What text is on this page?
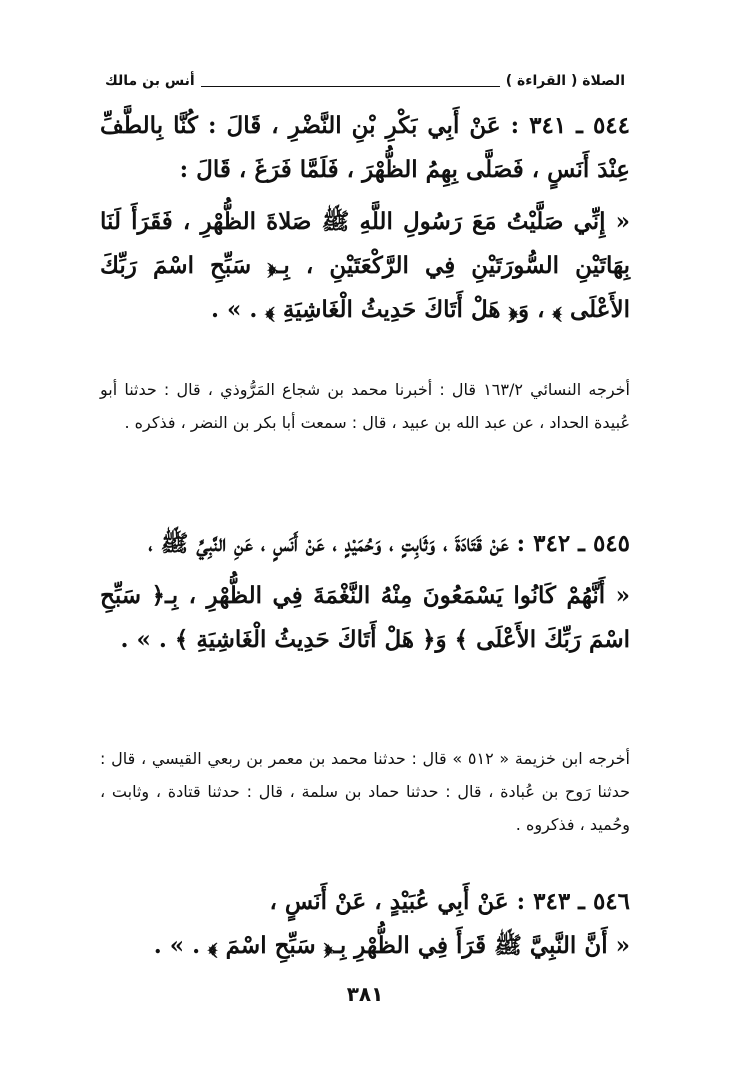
الصلاة ( القراءة )
أنس بن مالك

٥٤٤ ـ ٣٤١ : عَنْ أَبِي بَكْرِ بْنِ النَّضْرِ ، قَالَ : كُنَّا بِالطَّفِّ عِنْدَ أَنَسٍ ، فَصَلَّى بِهِمُ الظُّهْرَ ، فَلَمَّا فَرَغَ ، قَالَ :

« إِنِّي صَلَّيْتُ مَعَ رَسُولِ اللَّهِ ﷺ صَلاةَ الظُّهْرِ ، فَقَرَأَ لَنَا بِهَاتَيْنِ السُّورَتَيْنِ فِي الرَّكْعَتَيْنِ ، بِـ﴿ سَبِّحِ اسْمَ رَبِّكَ الأَعْلَى ﴾ ، وَ﴿ هَلْ أَتَاكَ حَدِيثُ الْغَاشِيَةِ ﴾ . » .

أخرجه النسائي ١٦٣/٢ قال : أخبرنا محمد بن شجاع المَرُّوذي ، قال : حدثنا أبو عُبيدة الحداد ، عن عبد الله بن عبيد ، قال : سمعت أبا بكر بن النضر ، فذكره .

٥٤٥ ـ ٣٤٢ : عَنْ قَتَادَةَ ، وَثَابِتٍ ، وَحُمَيْدٍ ، عَنْ أَنَسٍ ، عَنِ النَّبِيِّ ﷺ ،

« أَنَّهُمْ كَانُوا يَسْمَعُونَ مِنْهُ النَّغْمَةَ فِي الظُّهْرِ ، بِـ﴿ سَبِّحِ اسْمَ رَبِّكَ الأَعْلَى ﴾ وَ﴿ هَلْ أَتَاكَ حَدِيثُ الْغَاشِيَةِ ﴾ . » .

أخرجه ابن خزيمة « ٥١٢ » قال : حدثنا محمد بن معمر بن ربعي القيسي ، قال : حدثنا رَوح بن عُبادة ، قال : حدثنا حماد بن سلمة ، قال : حدثنا قتادة ، وثابت ، وحُميد ، فذكروه .

٥٤٦ ـ ٣٤٣ : عَنْ أَبِي عُبَيْدٍ ، عَنْ أَنَسٍ ،

« أَنَّ النَّبِيَّ ﷺ قَرَأَ فِي الظُّهْرِ بِـ﴿ سَبِّحِ اسْمَ ﴾ . » .

٣٨١
